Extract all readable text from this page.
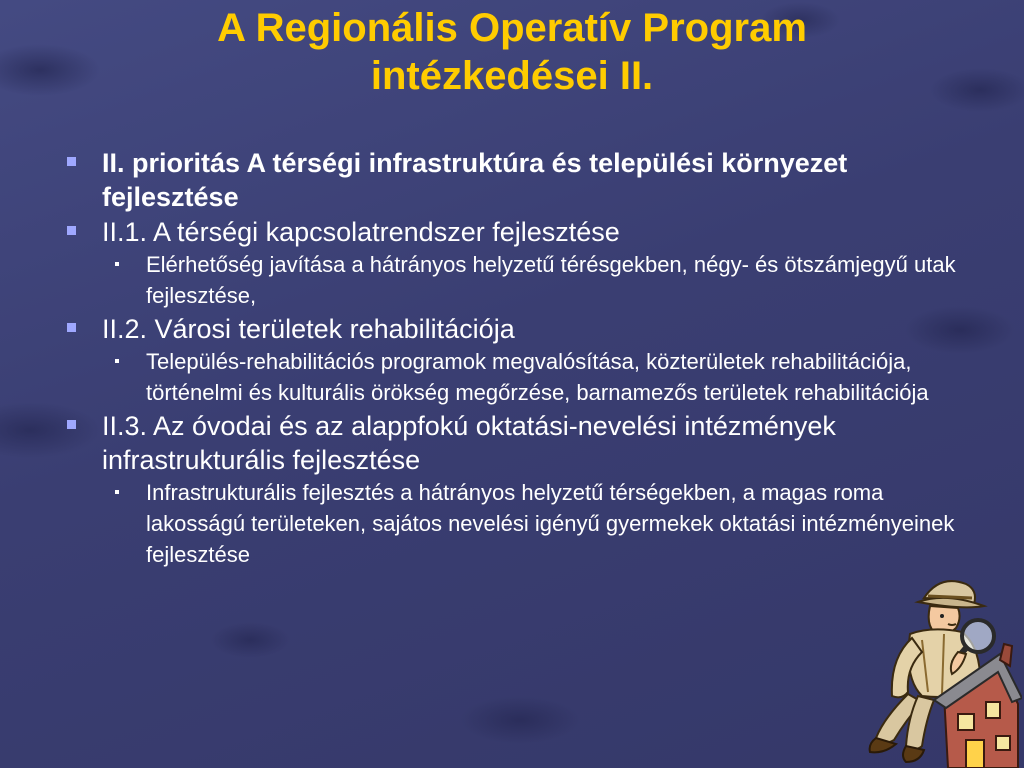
A Regionális Operatív Program
intézkedései II.
II. prioritás A térségi infrastruktúra és települési környezet fejlesztése
II.1. A térségi kapcsolatrendszer fejlesztése
Elérhetőség javítása a hátrányos helyzetű térésgekben, négy- és ötszámjegyű utak fejlesztése,
II.2. Városi területek rehabilitációja
Település-rehabilitációs programok megvalósítása, közterületek rehabilitációja, történelmi és kulturális örökség megőrzése, barnamezős területek rehabilitációja
II.3. Az óvodai és az alappfokú oktatási-nevelési intézmények infrastrukturális fejlesztése
Infrastrukturális fejlesztés a hátrányos helyzetű térségekben, a magas roma lakosságú területeken, sajátos nevelési igényű gyermekek oktatási intézményeinek fejlesztése
